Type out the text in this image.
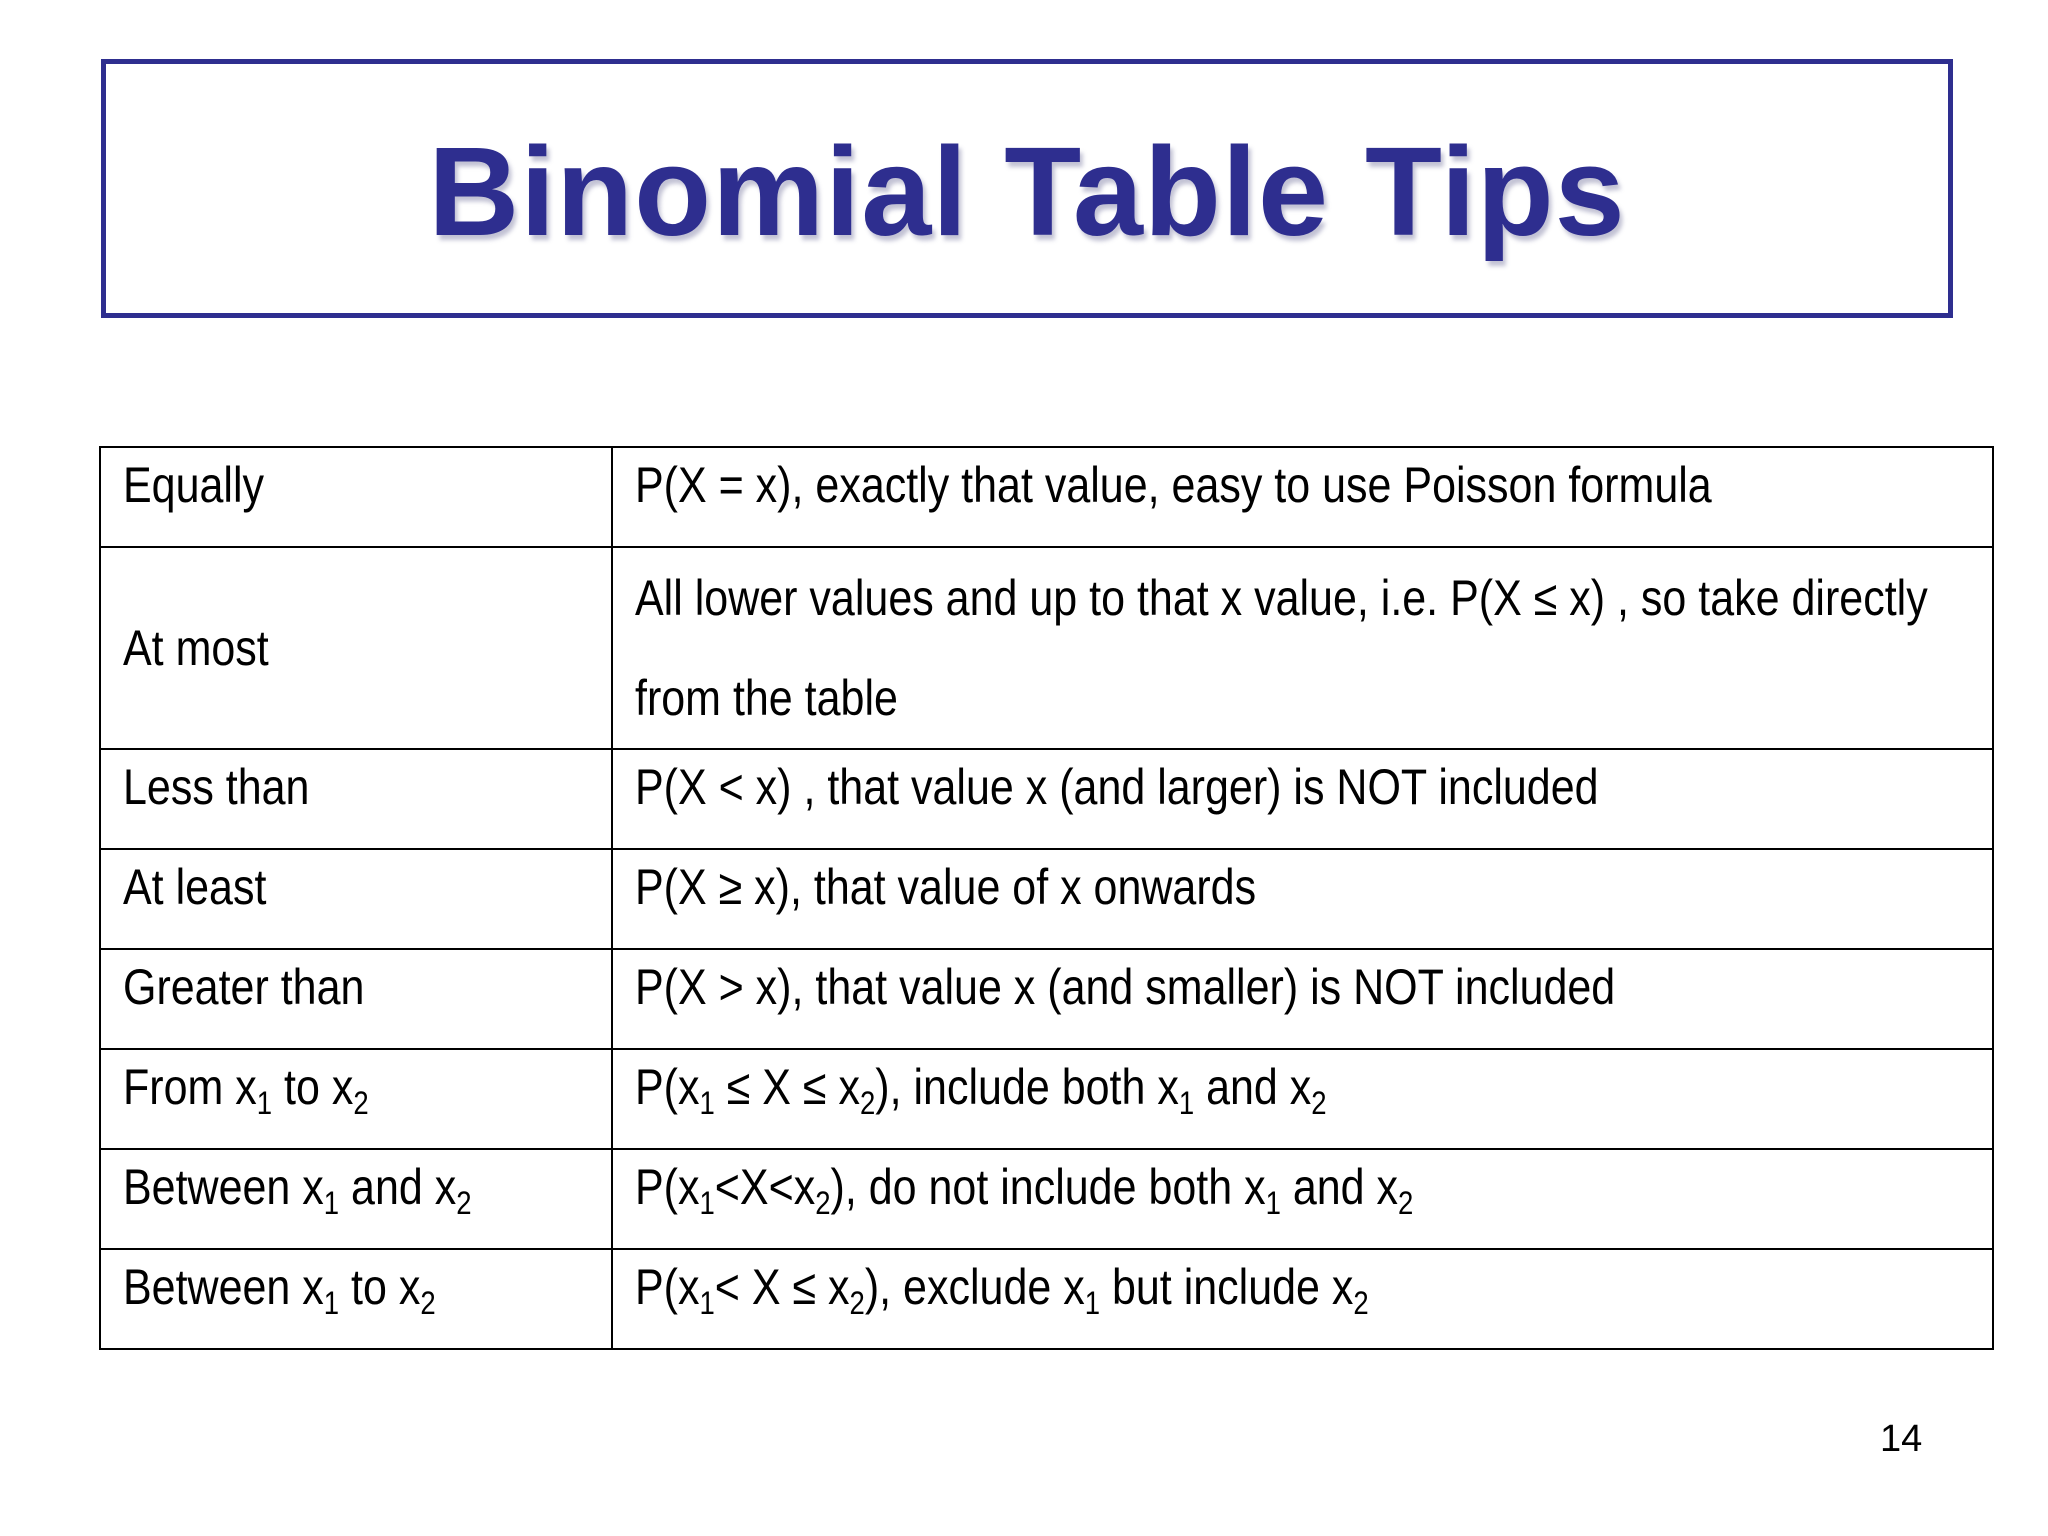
Binomial Table Tips
Equally	P(X = x), exactly that value, easy to use Poisson formula
At most	All lower values and up to that x value, i.e. P(X ≤ x) , so take directly from the table

Less than	P(X < x) , that value x (and larger) is NOT included
At least	P(X ≥ x), that value of x onwards
Greater than	P(X > x), that value x (and smaller) is NOT included
From $x_1$ to $x_2$	$P(x_1 \le X \le x_2)$, include both $x_1$ and $x_2$
Between $x_1$ and $x_2$	$P(x_1<X<x_2)$, do not include both $x_1$ and $x_2$
Between $x_1$ to $x_2$	$P(x_1< X \le x_2)$, exclude $x_1$ but include $x_2$
14
